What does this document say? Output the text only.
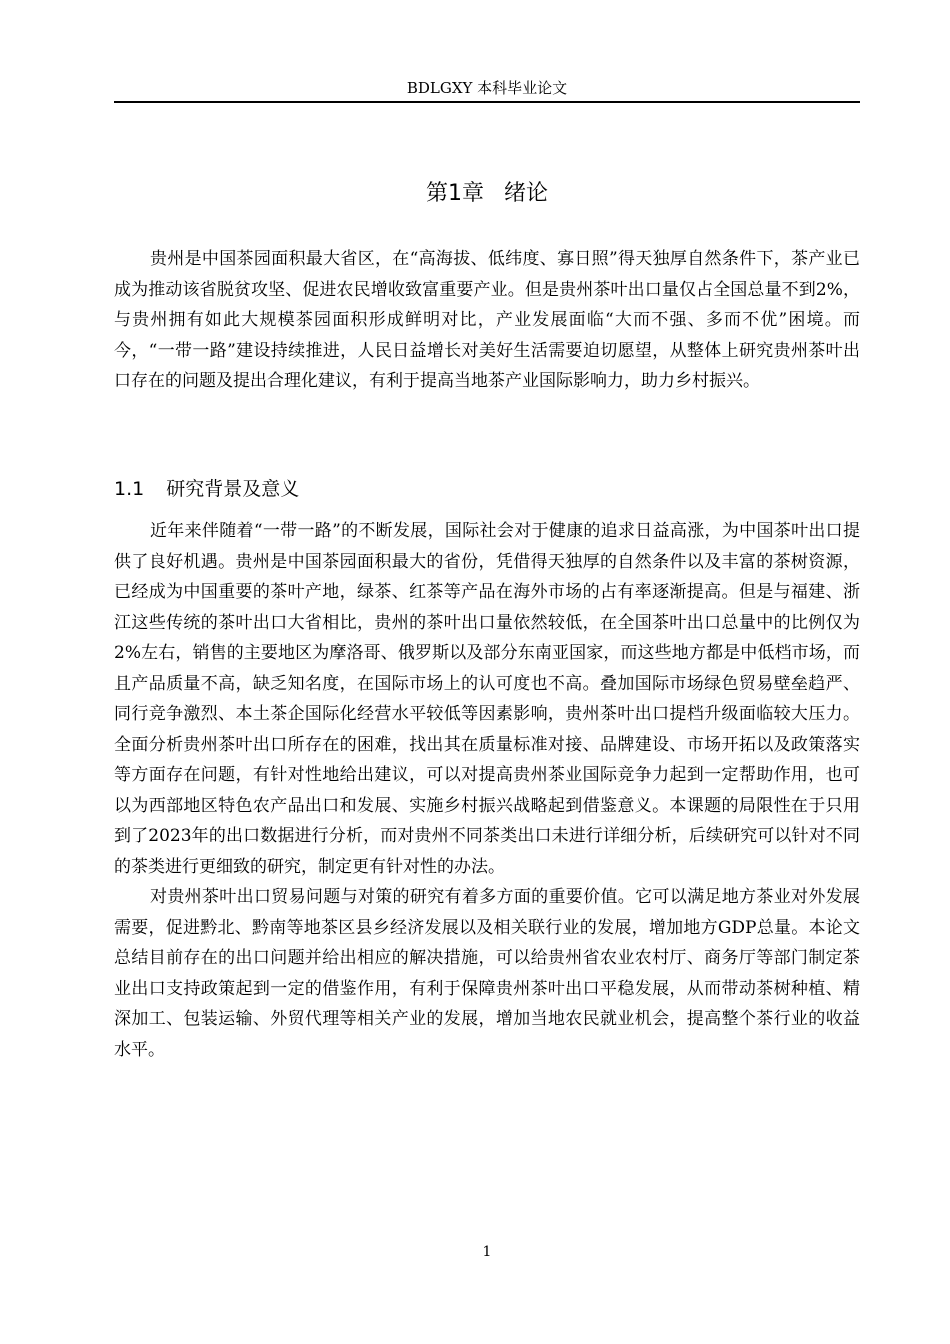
BDLGXY 本科毕业论文
第1章 绪论

贵州是中国茶园面积最大省区，在“高海拔、低纬度、寡日照”得天独厚自然条件下，茶产业已成为推动该省脱贫攻坚、促进农民增收致富重要产业。但是贵州茶叶出口量仅占全国总量不到2%，与贵州拥有如此大规模茶园面积形成鲜明对比，产业发展面临“大而不强、多而不优”困境。而今，“一带一路”建设持续推进，人民日益增长对美好生活需要迫切愿望，从整体上研究贵州茶叶出口存在的问题及提出合理化建议，有利于提高当地茶产业国际影响力，助力乡村振兴。

1.1 研究背景及意义

近年来伴随着“一带一路”的不断发展，国际社会对于健康的追求日益高涨，为中国茶叶出口提供了良好机遇。贵州是中国茶园面积最大的省份，凭借得天独厚的自然条件以及丰富的茶树资源，已经成为中国重要的茶叶产地，绿茶、红茶等产品在海外市场的占有率逐渐提高。但是与福建、浙江这些传统的茶叶出口大省相比，贵州的茶叶出口量依然较低，在全国茶叶出口总量中的比例仅为2%左右，销售的主要地区为摩洛哥、俄罗斯以及部分东南亚国家，而这些地方都是中低档市场，而且产品质量不高，缺乏知名度，在国际市场上的认可度也不高。叠加国际市场绿色贸易壁垒趋严、同行竞争激烈、本土茶企国际化经营水平较低等因素影响，贵州茶叶出口提档升级面临较大压力。全面分析贵州茶叶出口所存在的困难，找出其在质量标准对接、品牌建设、市场开拓以及政策落实等方面存在问题，有针对性地给出建议，可以对提高贵州茶业国际竞争力起到一定帮助作用，也可以为西部地区特色农产品出口和发展、实施乡村振兴战略起到借鉴意义。本课题的局限性在于只用到了2023年的出口数据进行分析，而对贵州不同茶类出口未进行详细分析，后续研究可以针对不同的茶类进行更细致的研究，制定更有针对性的办法。

对贵州茶叶出口贸易问题与对策的研究有着多方面的重要价值。它可以满足地方茶业对外发展需要，促进黔北、黔南等地茶区县乡经济发展以及相关联行业的发展，增加地方GDP总量。本论文总结目前存在的出口问题并给出相应的解决措施，可以给贵州省农业农村厅、商务厅等部门制定茶业出口支持政策起到一定的借鉴作用，有利于保障贵州茶叶出口平稳发展，从而带动茶树种植、精深加工、包装运输、外贸代理等相关产业的发展，增加当地农民就业机会，提高整个茶行业的收益水平。

1
